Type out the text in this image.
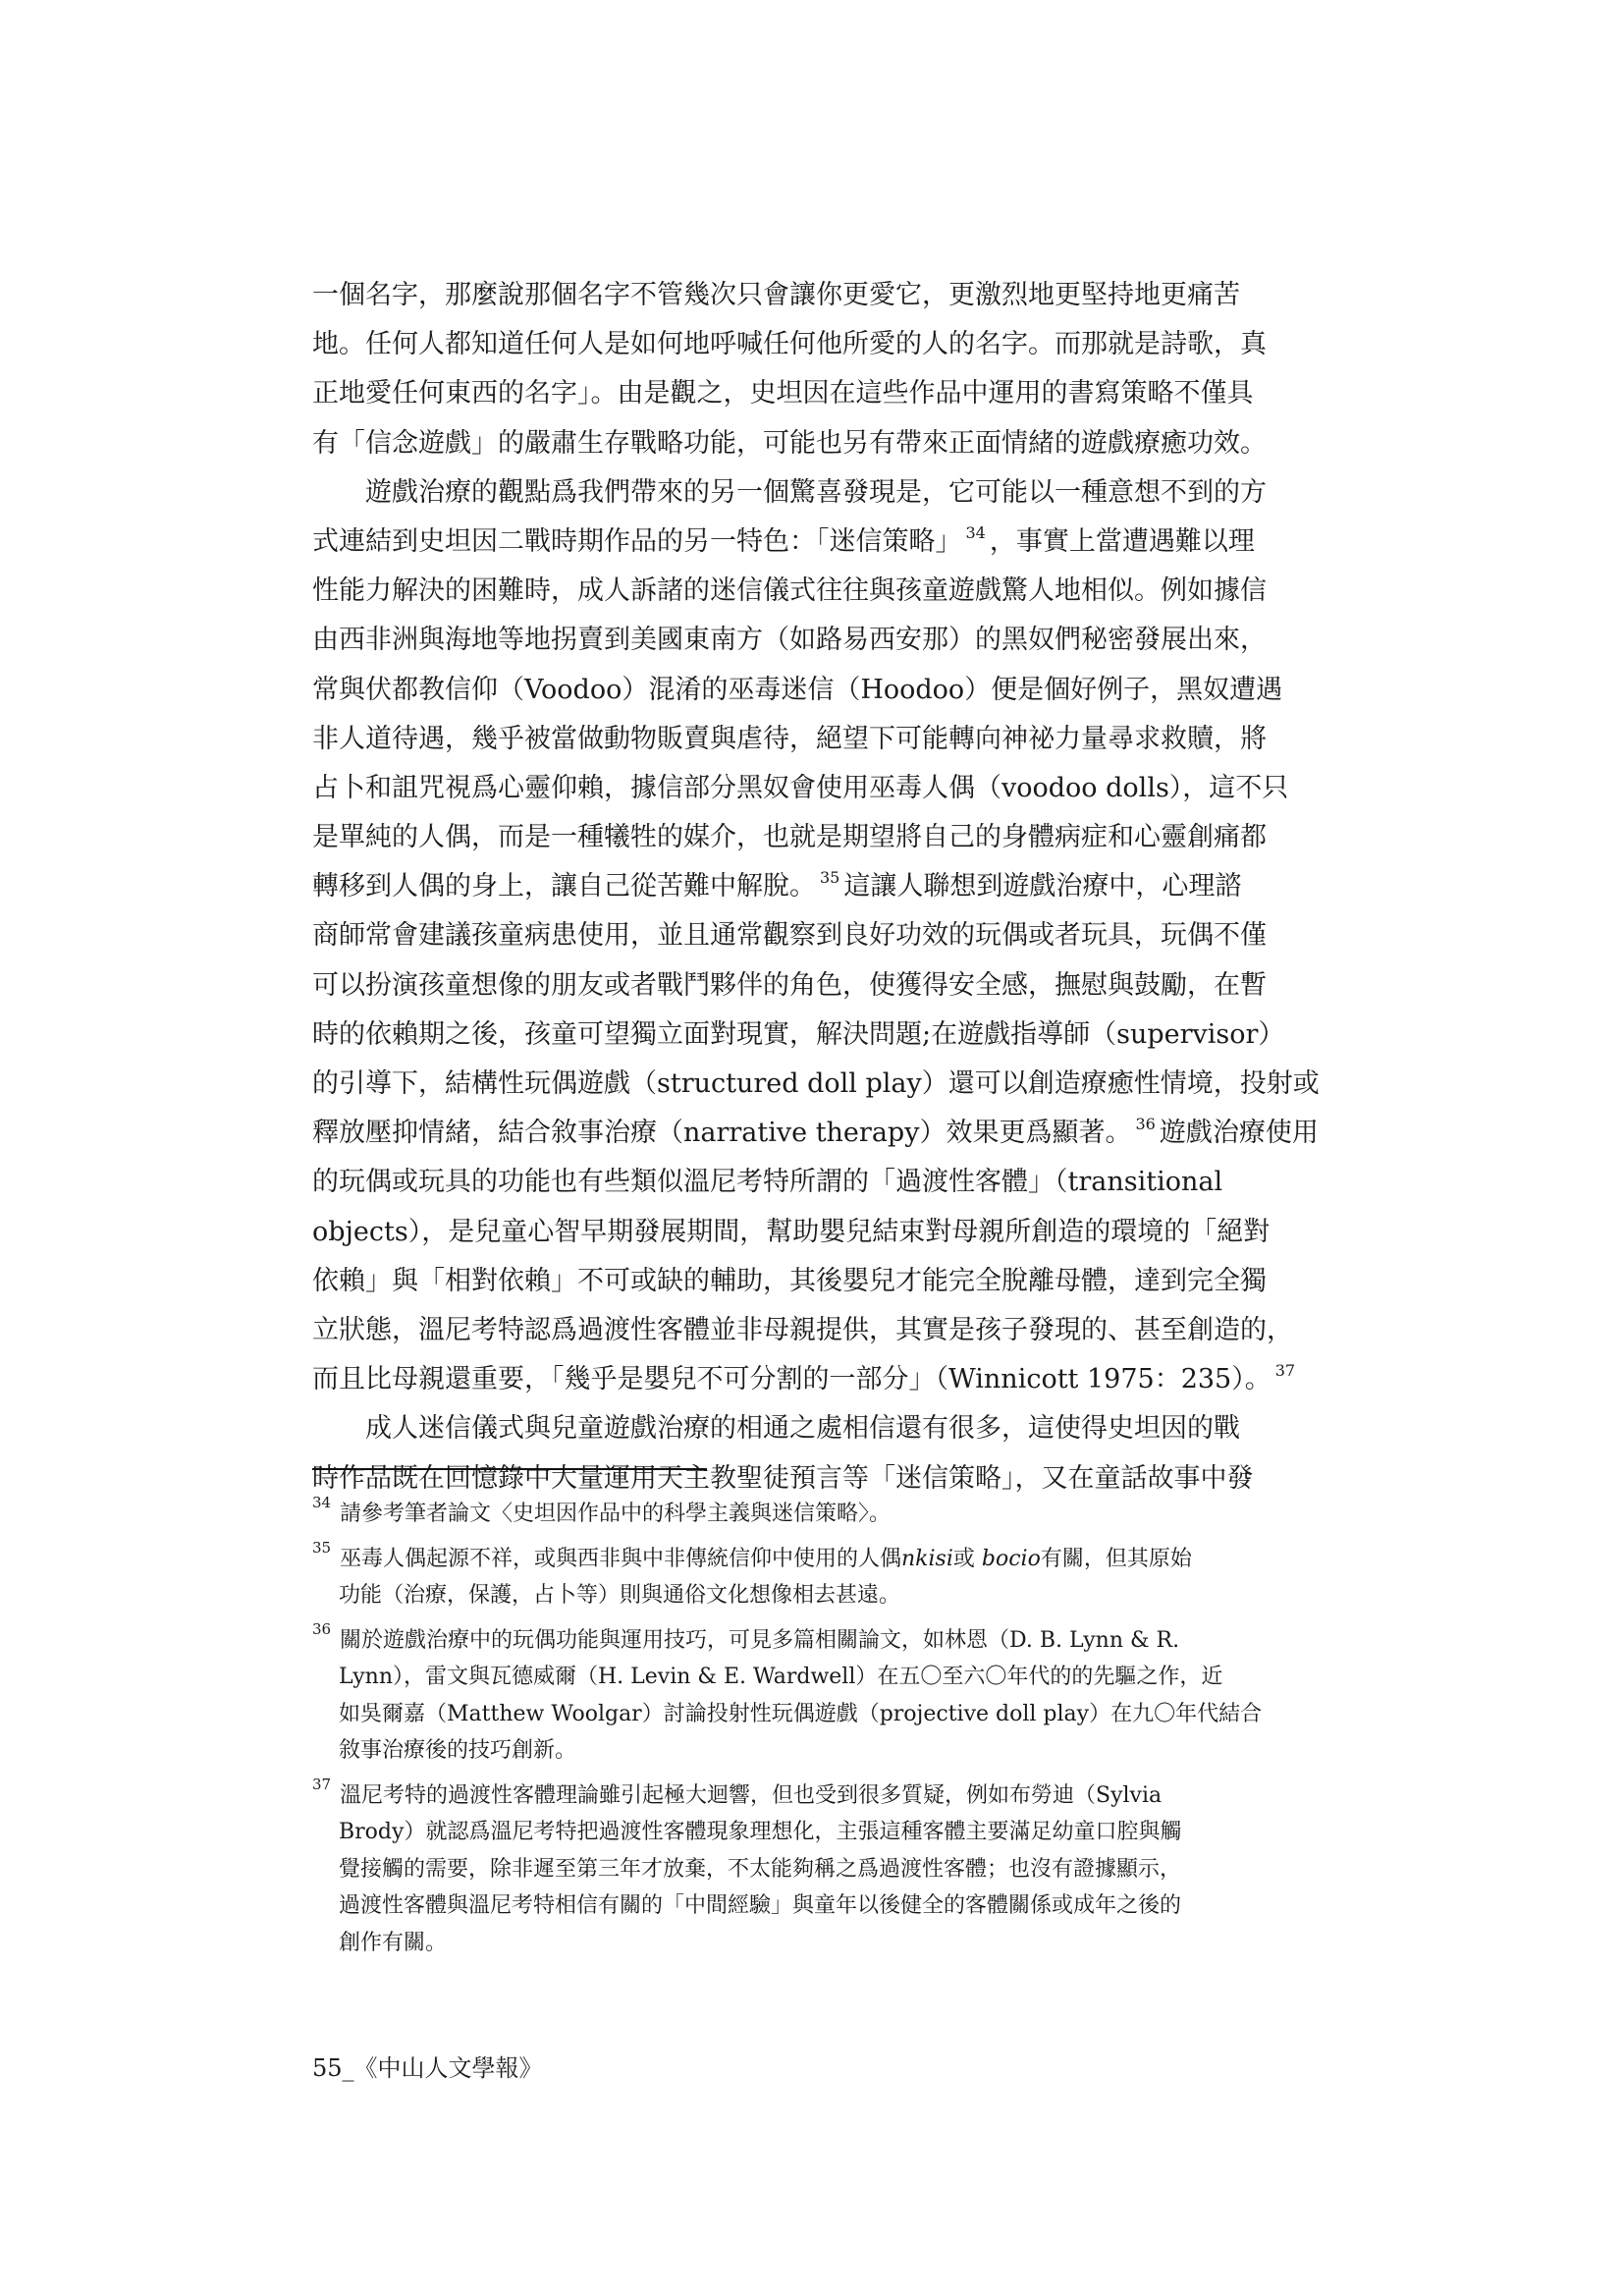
一個名字，那麼說那個名字不管幾次只會讓你更愛它，更激烈地更堅持地更痛苦
地。任何人都知道任何人是如何地呼喊任何他所愛的人的名字。而那就是詩歌，真
正地愛任何東西的名字」。由是觀之，史坦因在這些作品中運用的書寫策略不僅具
有「信念遊戲」的嚴肅生存戰略功能，可能也另有帶來正面情緒的遊戲療癒功效。
遊戲治療的觀點爲我們帶來的另一個驚喜發現是，它可能以一種意想不到的方
式連結到史坦因二戰時期作品的另一特色：「迷信策略」 $^{34}$ ，事實上當遭遇難以理
性能力解決的困難時，成人訴諸的迷信儀式往往與孩童遊戲驚人地相似。例如據信
由西非洲與海地等地拐賣到美國東南方（如路易西安那）的黑奴們秘密發展出來，
常與伏都教信仰（Voodoo）混淆的巫毒迷信（Hoodoo）便是個好例子，黑奴遭遇
非人道待遇，幾乎被當做動物販賣與虐待，絕望下可能轉向神祕力量尋求救贖，將
占卜和詛咒視爲心靈仰賴，據信部分黑奴會使用巫毒人偶（voodoo dolls），這不只
是單純的人偶，而是一種犧牲的媒介，也就是期望將自己的身體病症和心靈創痛都
轉移到人偶的身上，讓自己從苦難中解脫。 $^{35}$ 這讓人聯想到遊戲治療中，心理諮
商師常會建議孩童病患使用，並且通常觀察到良好功效的玩偶或者玩具，玩偶不僅
可以扮演孩童想像的朋友或者戰鬥夥伴的角色，使獲得安全感，撫慰與鼓勵，在暫
時的依賴期之後，孩童可望獨立面對現實，解決問題;在遊戲指導師（supervisor）
的引導下，結構性玩偶遊戲（structured doll play）還可以創造療癒性情境，投射或
釋放壓抑情緒，結合敘事治療（narrative therapy）效果更爲顯著。 $^{36}$ 遊戲治療使用
的玩偶或玩具的功能也有些類似溫尼考特所謂的「過渡性客體」（transitional
objects），是兒童心智早期發展期間，幫助嬰兒結束對母親所創造的環境的「絕對
依賴」與「相對依賴」不可或缺的輔助，其後嬰兒才能完全脫離母體，達到完全獨
立狀態，溫尼考特認爲過渡性客體並非母親提供，其實是孩子發現的、甚至創造的，
而且比母親還重要，「幾乎是嬰兒不可分割的一部分」（Winnicott 1975：235）。 $^{37}$
成人迷信儀式與兒童遊戲治療的相通之處相信還有很多，這使得史坦因的戰
時作品既在回憶錄中大量運用天主教聖徒預言等「迷信策略」，又在童話故事中發
34 請參考筆者論文〈史坦因作品中的科學主義與迷信策略〉。
35 巫毒人偶起源不祥，或與西非與中非傳統信仰中使用的人偶nkisi或 bocio有關，但其原始
功能（治療，保護，占卜等）則與通俗文化想像相去甚遠。
36 關於遊戲治療中的玩偶功能與運用技巧，可見多篇相關論文，如林恩（D. B. Lynn & R.
Lynn），雷文與瓦德威爾（H. Levin & E. Wardwell）在五〇至六〇年代的的先驅之作，近
如吳爾嘉（Matthew Woolgar）討論投射性玩偶遊戲（projective doll play）在九〇年代結合
敘事治療後的技巧創新。
37 溫尼考特的過渡性客體理論雖引起極大迴響，但也受到很多質疑，例如布勞迪（Sylvia
Brody）就認爲溫尼考特把過渡性客體現象理想化，主張這種客體主要滿足幼童口腔與觸
覺接觸的需要，除非遲至第三年才放棄，不太能夠稱之爲過渡性客體；也沒有證據顯示，
過渡性客體與溫尼考特相信有關的「中間經驗」與童年以後健全的客體關係或成年之後的
創作有關。
55_《中山人文學報》
